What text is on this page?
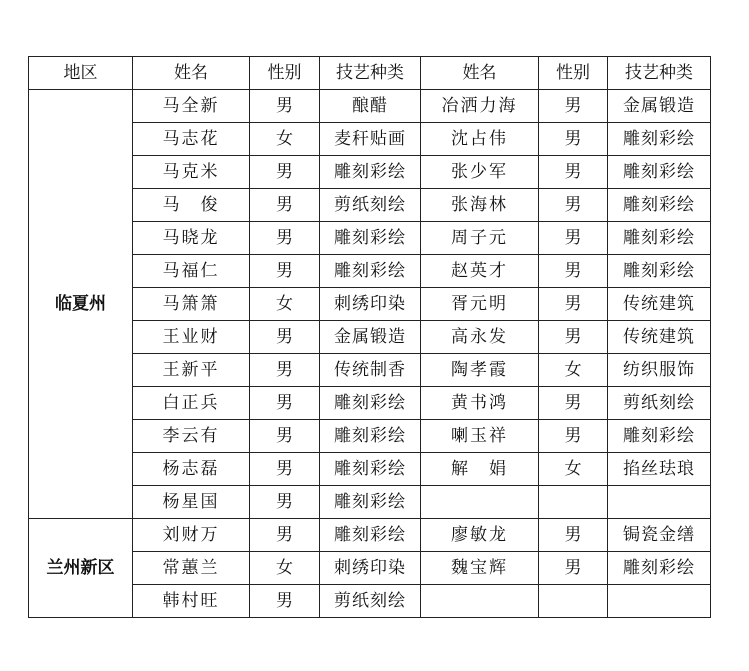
地区	姓名	性别	技艺种类	姓名	性别	技艺种类
临夏州	马全新	男	酿醋	冶洒力海	男	金属锻造
	马志花	女	麦秆贴画	沈占伟	男	雕刻彩绘
	马克米	男	雕刻彩绘	张少军	男	雕刻彩绘
	马　俊	男	剪纸刻绘	张海林	男	雕刻彩绘
	马晓龙	男	雕刻彩绘	周子元	男	雕刻彩绘
	马福仁	男	雕刻彩绘	赵英才	男	雕刻彩绘
	马箫箫	女	刺绣印染	胥元明	男	传统建筑
	王业财	男	金属锻造	高永发	男	传统建筑
	王新平	男	传统制香	陶孝霞	女	纺织服饰
	白正兵	男	雕刻彩绘	黄书鸿	男	剪纸刻绘
	李云有	男	雕刻彩绘	喇玉祥	男	雕刻彩绘
	杨志磊	男	雕刻彩绘	解　娟	女	掐丝珐琅
	杨星国	男	雕刻彩绘			
兰州新区	刘财万	男	雕刻彩绘	廖敏龙	男	锔瓷金缮
	常蕙兰	女	刺绣印染	魏宝辉	男	雕刻彩绘
	韩村旺	男	剪纸刻绘			
